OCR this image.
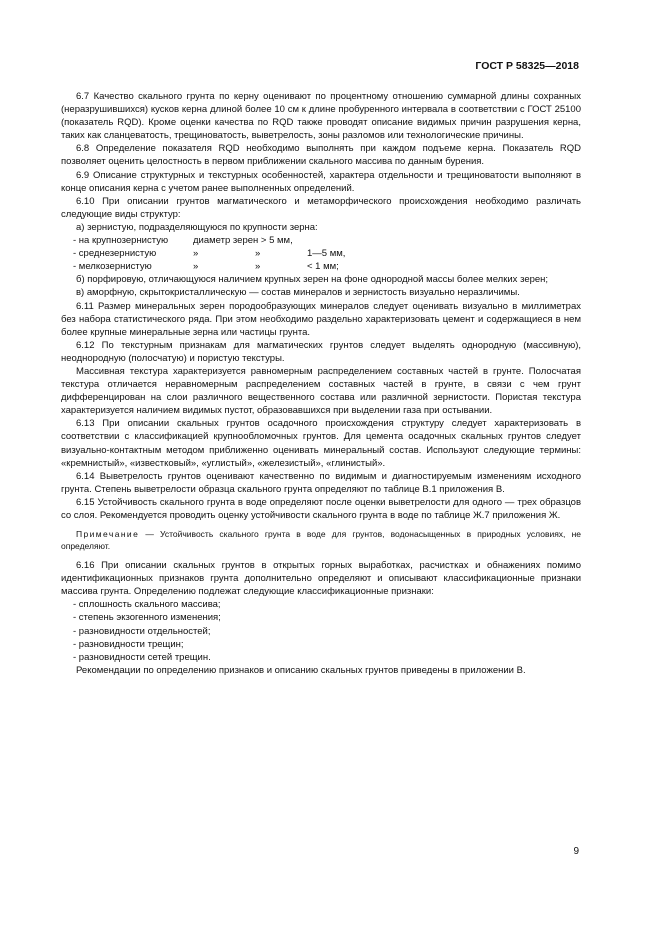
ГОСТ Р 58325—2018

6.7 Качество скального грунта по керну оценивают по процентному отношению суммарной длины сохранных (неразрушившихся) кусков керна длиной более 10 см к длине пробуренного интервала в соответствии с ГОСТ 25100 (показатель RQD). Кроме оценки качества по RQD также проводят описание видимых причин разрушения керна, таких как сланцеватость, трещиноватость, выветрелость, зоны разломов или технологические причины.

6.8 Определение показателя RQD необходимо выполнять при каждом подъеме керна. Показатель RQD позволяет оценить целостность в первом приближении скального массива по данным бурения.

6.9 Описание структурных и текстурных особенностей, характера отдельности и трещиноватости выполняют в конце описания керна с учетом ранее выполненных определений.

6.10 При описании грунтов магматического и метаморфического происхождения необходимо различать следующие виды структур:

а) зернистую, подразделяющуюся по крупности зерна:

- на крупнозернистую	диаметр зерен > 5 мм,
- среднезернистую	»	»	1—5 мм,
- мелкозернистую	»	»	< 1 мм;

б) порфировую, отличающуюся наличием крупных зерен на фоне однородной массы более мелких зерен;

в) аморфную, скрытокристаллическую — состав минералов и зернистость визуально неразличимы.

6.11 Размер минеральных зерен породообразующих минералов следует оценивать визуально в миллиметрах без набора статистического ряда. При этом необходимо раздельно характеризовать цемент и содержащиеся в нем более крупные минеральные зерна или частицы грунта.

6.12 По текстурным признакам для магматических грунтов следует выделять однородную (массивную), неоднородную (полосчатую) и пористую текстуры.

Массивная текстура характеризуется равномерным распределением составных частей в грунте. Полосчатая текстура отличается неравномерным распределением составных частей в грунте, в связи с чем грунт дифференцирован на слои различного вещественного состава или различной зернистости. Пористая текстура характеризуется наличием видимых пустот, образовавшихся при выделении газа при остывании.

6.13 При описании скальных грунтов осадочного происхождения структуру следует характеризовать в соответствии с классификацией крупнообломочных грунтов. Для цемента осадочных скальных грунтов следует визуально-контактным методом приближенно оценивать минеральный состав. Используют следующие термины: «кремнистый», «известковый», «углистый», «железистый», «глинистый».

6.14 Выветрелость грунтов оценивают качественно по видимым и диагностируемым изменениям исходного грунта. Степень выветрелости образца скального грунта определяют по таблице В.1 приложения В.

6.15 Устойчивость скального грунта в воде определяют после оценки выветрелости для одного — трех образцов со слоя. Рекомендуется проводить оценку устойчивости скального грунта в воде по таблице Ж.7 приложения Ж.

Примечание — Устойчивость скального грунта в воде для грунтов, водонасыщенных в природных условиях, не определяют.

6.16 При описании скальных грунтов в открытых горных выработках, расчистках и обнажениях помимо идентификационных признаков грунта дополнительно определяют и описывают классификационные признаки массива грунта. Определению подлежат следующие классификационные признаки:

- сплошность скального массива;

- степень экзогенного изменения;

- разновидности отдельностей;

- разновидности трещин;

- разновидности сетей трещин.

Рекомендации по определению признаков и описанию скальных грунтов приведены в приложении В.

9
